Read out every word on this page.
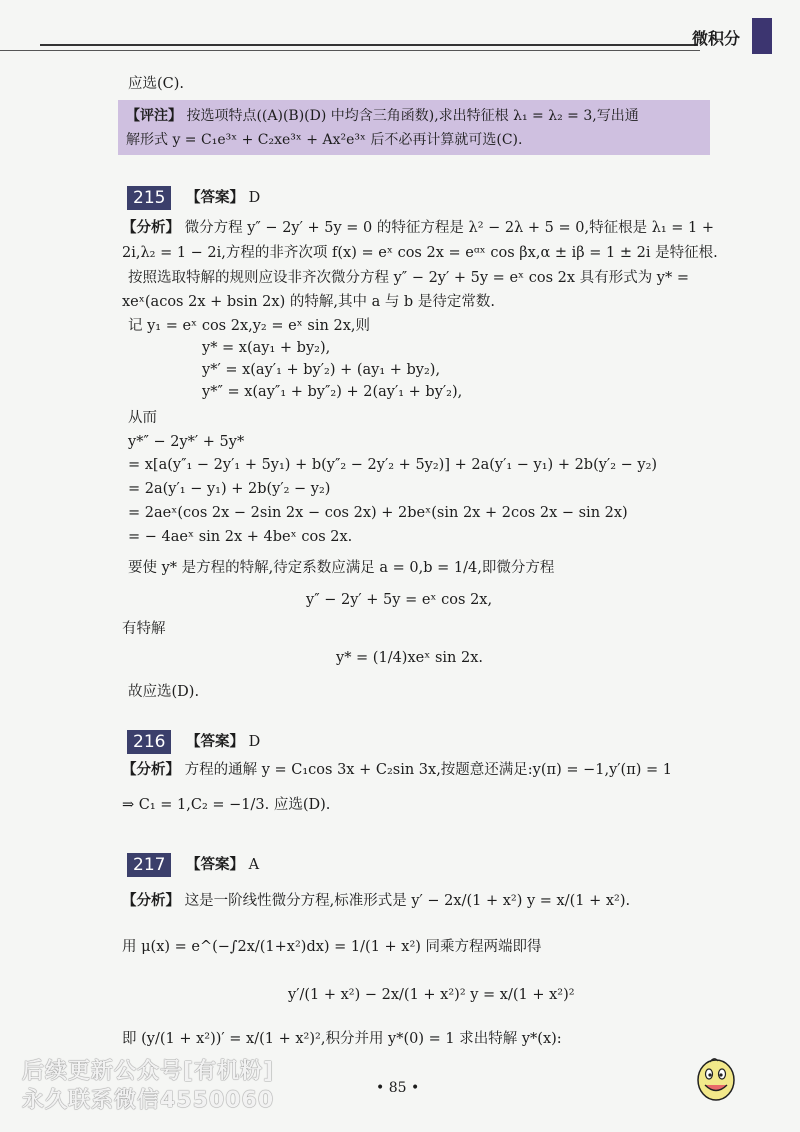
微积分
应选(C).
【评注】 按选项特点((A)(B)(D) 中均含三角函数),求出特征根 λ₁ = λ₂ = 3,写出通
解形式 y = C₁e³ˣ + C₂xe³ˣ + Ax²e³ˣ 后不必再计算就可选(C).
215	【答案】 D
【分析】 微分方程 y″ − 2y′ + 5y = 0 的特征方程是 λ² − 2λ + 5 = 0,特征根是 λ₁ = 1 +
2i,λ₂ = 1 − 2i,方程的非齐次项 f(x) = eˣ cos 2x = eᵅˣ cos βx,α ± iβ = 1 ± 2i 是特征根.
按照选取特解的规则应设非齐次微分方程 y″ − 2y′ + 5y = eˣ cos 2x 具有形式为 y* =
xeˣ(acos 2x + bsin 2x) 的特解,其中 a 与 b 是待定常数.
记 y₁ = eˣ cos 2x,y₂ = eˣ sin 2x,则
y* = x(ay₁ + by₂),
y*′ = x(ay′₁ + by′₂) + (ay₁ + by₂),
y*″ = x(ay″₁ + by″₂) + 2(ay′₁ + by′₂),
从而
y*″ − 2y*′ + 5y*
= x[a(y″₁ − 2y′₁ + 5y₁) + b(y″₂ − 2y′₂ + 5y₂)] + 2a(y′₁ − y₁) + 2b(y′₂ − y₂)
= 2a(y′₁ − y₁) + 2b(y′₂ − y₂)
= 2aeˣ(cos 2x − 2sin 2x − cos 2x) + 2beˣ(sin 2x + 2cos 2x − sin 2x)
= − 4aeˣ sin 2x + 4beˣ cos 2x.
要使 y* 是方程的特解,待定系数应满足 a = 0,b = 1/4,即微分方程
y″ − 2y′ + 5y = eˣ cos 2x,
有特解
y* = (1/4)xeˣ sin 2x.
故应选(D).
216	【答案】 D
【分析】 方程的通解 y = C₁cos 3x + C₂sin 3x,按题意还满足:y(π) = −1,y′(π) = 1
⇒ C₁ = 1,C₂ = −1/3. 应选(D).
217	【答案】 A
【分析】 这是一阶线性微分方程,标准形式是 y′ − 2x/(1 + x²) y = x/(1 + x²).
用 μ(x) = e^(−∫2x/(1+x²)dx) = 1/(1 + x²) 同乘方程两端即得
y′/(1 + x²) − 2x/(1 + x²)² y = x/(1 + x²)²
即 (y/(1 + x²))′ = x/(1 + x²)²,积分并用 y*(0) = 1 求出特解 y*(x):
• 85 •
后续更新公众号[有机粉]
永久联系微信4550060
